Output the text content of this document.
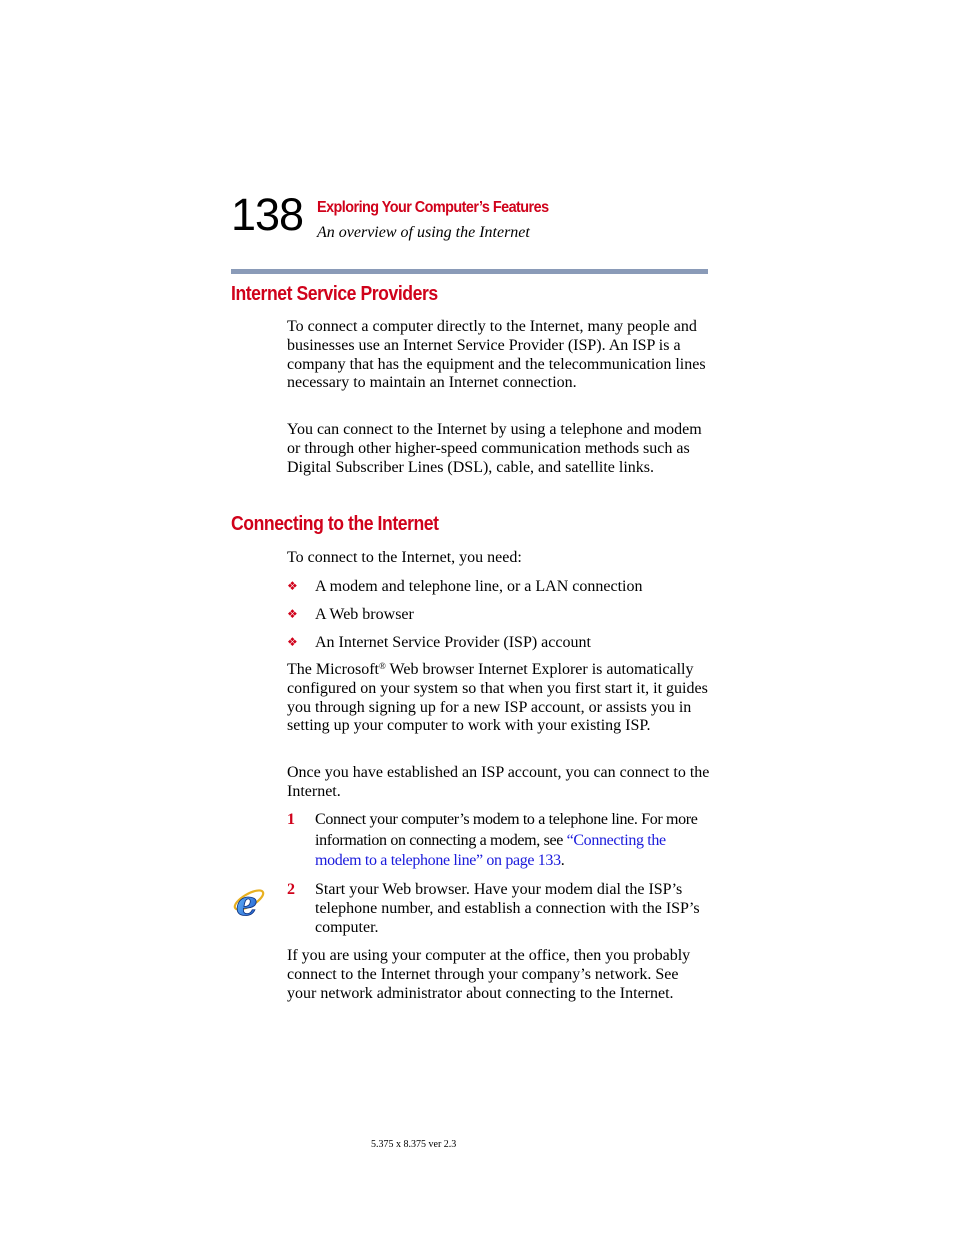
138 Exploring Your Computer’s Features
An overview of using the Internet
Internet Service Providers

To connect a computer directly to the Internet, many people and businesses use an Internet Service Provider (ISP). An ISP is a company that has the equipment and the telecommunication lines necessary to maintain an Internet connection.

You can connect to the Internet by using a telephone and modem or through other higher-speed communication methods such as Digital Subscriber Lines (DSL), cable, and satellite links.

Connecting to the Internet

To connect to the Internet, you need:

❖ A modem and telephone line, or a LAN connection
❖ A Web browser
❖ An Internet Service Provider (ISP) account

The Microsoft® Web browser Internet Explorer is automatically configured on your system so that when you first start it, it guides you through signing up for a new ISP account, or assists you in setting up your computer to work with your existing ISP.

Once you have established an ISP account, you can connect to the Internet.

1 Connect your computer’s modem to a telephone line. For more information on connecting a modem, see “Connecting the modem to a telephone line” on page 133.
e 2 Start your Web browser. Have your modem dial the ISP’s telephone number, and establish a connection with the ISP’s computer.

If you are using your computer at the office, then you probably connect to the Internet through your company’s network. See your network administrator about connecting to the Internet.

5.375 x 8.375 ver 2.3
